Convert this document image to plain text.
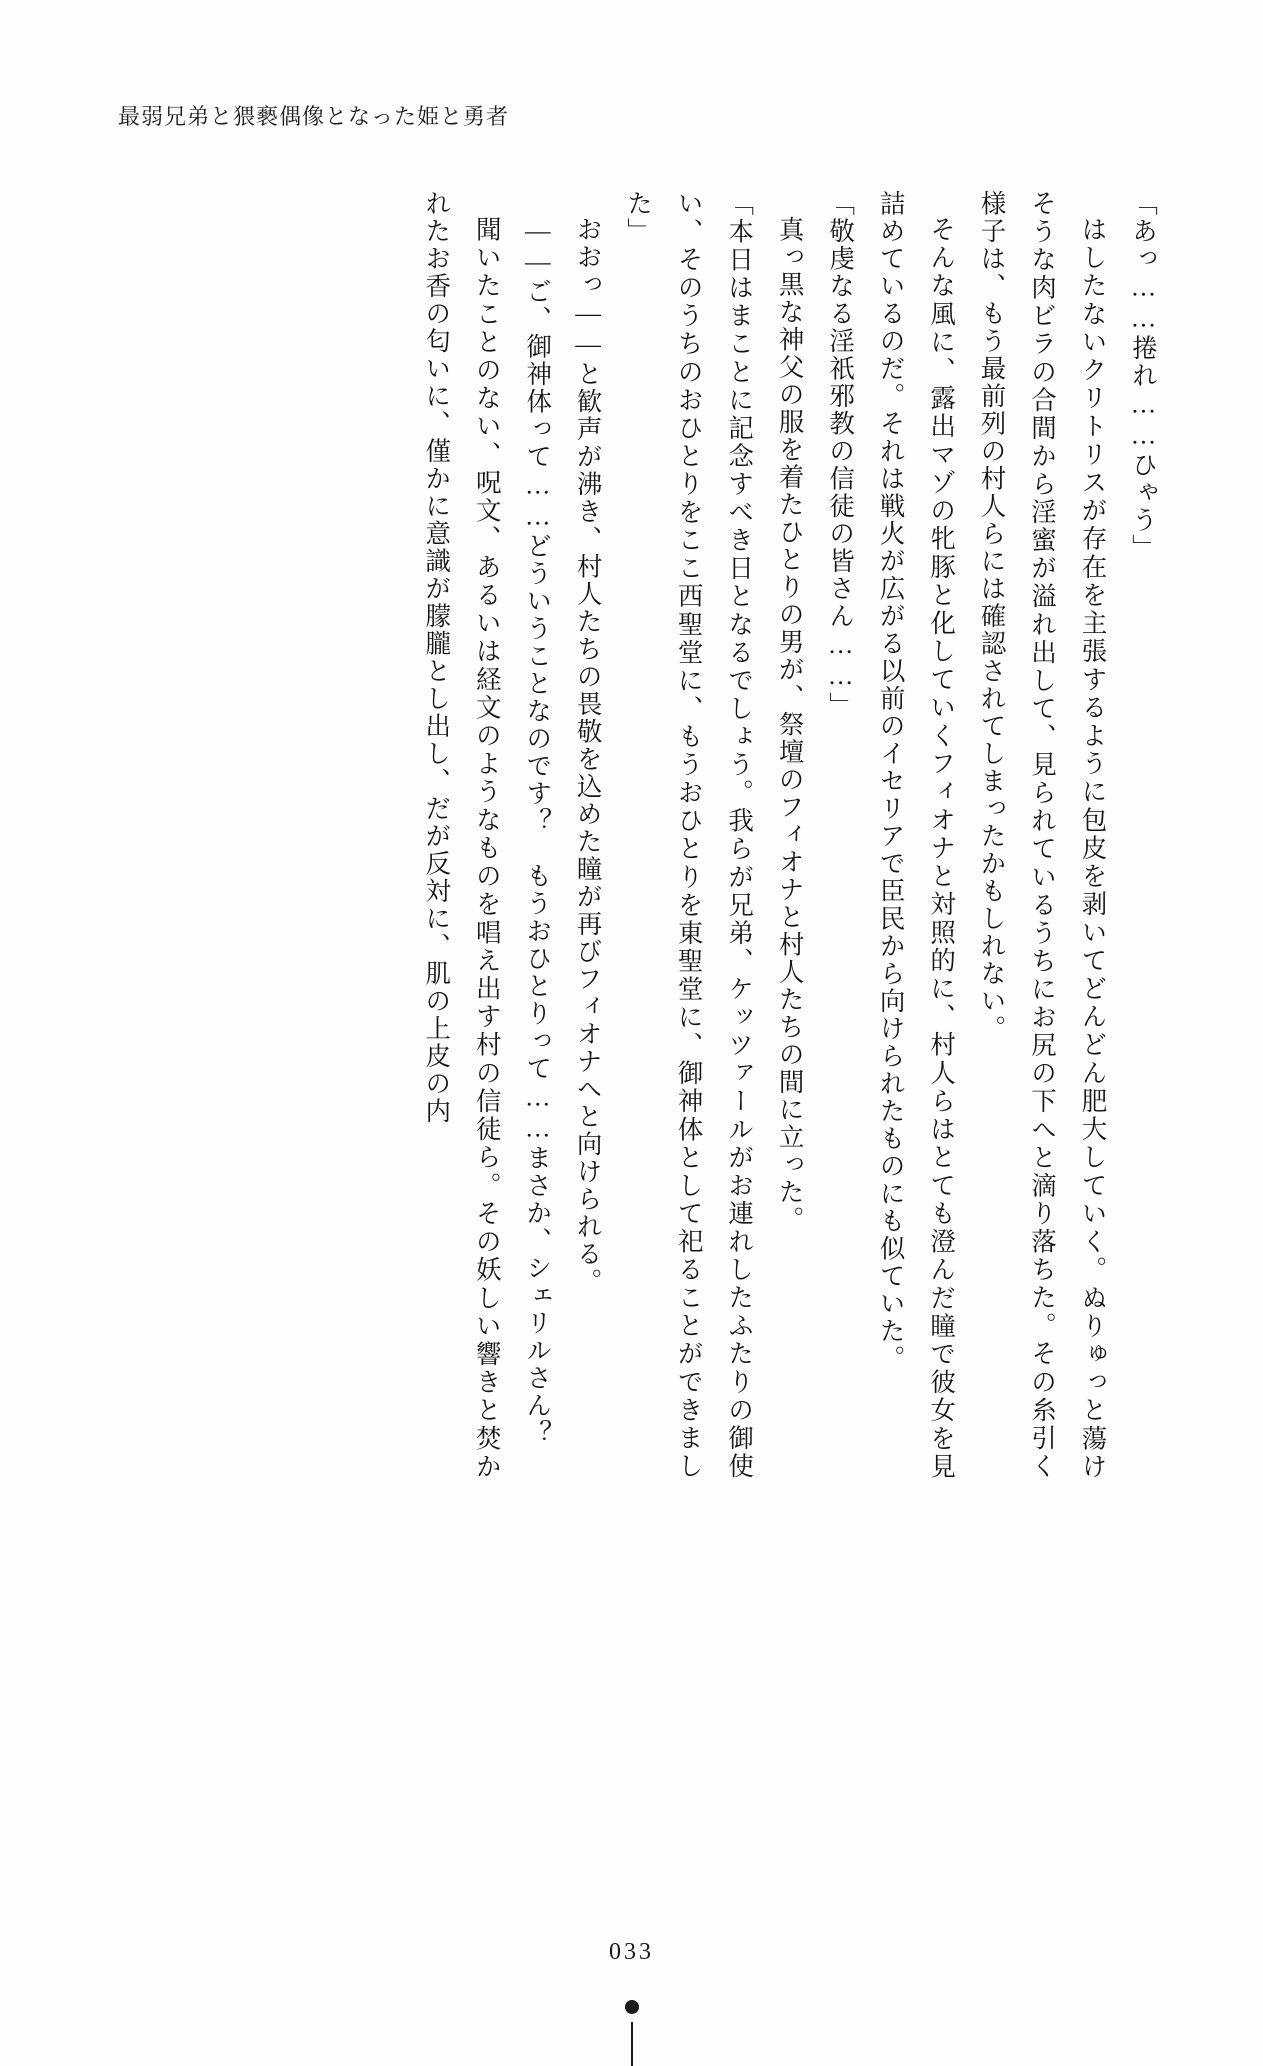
最弱兄弟と猥褻偶像となった姫と勇者

「あっ……捲れ……ひゃう」

はしたないクリトリスが存在を主張するように包皮を剥いてどんどん肥大していく。ぬりゅっと蕩けそうな肉ビラの合間から淫蜜が溢れ出して、見られているうちにお尻の下へと滴り落ちた。その糸引く様子は、もう最前列の村人らには確認されてしまったかもしれない。

そんな風に、露出マゾの牝豚と化していくフィオナと対照的に、村人らはとても澄んだ瞳で彼女を見詰めているのだ。それは戦火が広がる以前のイセリアで臣民から向けられたものにも似ていた。

「敬虔なる淫祇邪教の信徒の皆さん……」

真っ黒な神父の服を着たひとりの男が、祭壇のフィオナと村人たちの間に立った。

「本日はまことに記念すべき日となるでしょう。我らが兄弟、ケッツァールがお連れしたふたりの御使い、そのうちのおひとりをここ西聖堂に、もうおひとりを東聖堂に、御神体として祀ることができました」

おおっ——と歓声が沸き、村人たちの畏敬を込めた瞳が再びフィオナへと向けられる。

——ご、御神体って……どういうことなのです？　もうおひとりって……まさか、シェリルさん？

聞いたことのない、呪文、あるいは経文のようなものを唱え出す村の信徒ら。その妖しい響きと焚かれたお香の匂いに、僅かに意識が朦朧とし出し、だが反対に、肌の上皮の内

033
